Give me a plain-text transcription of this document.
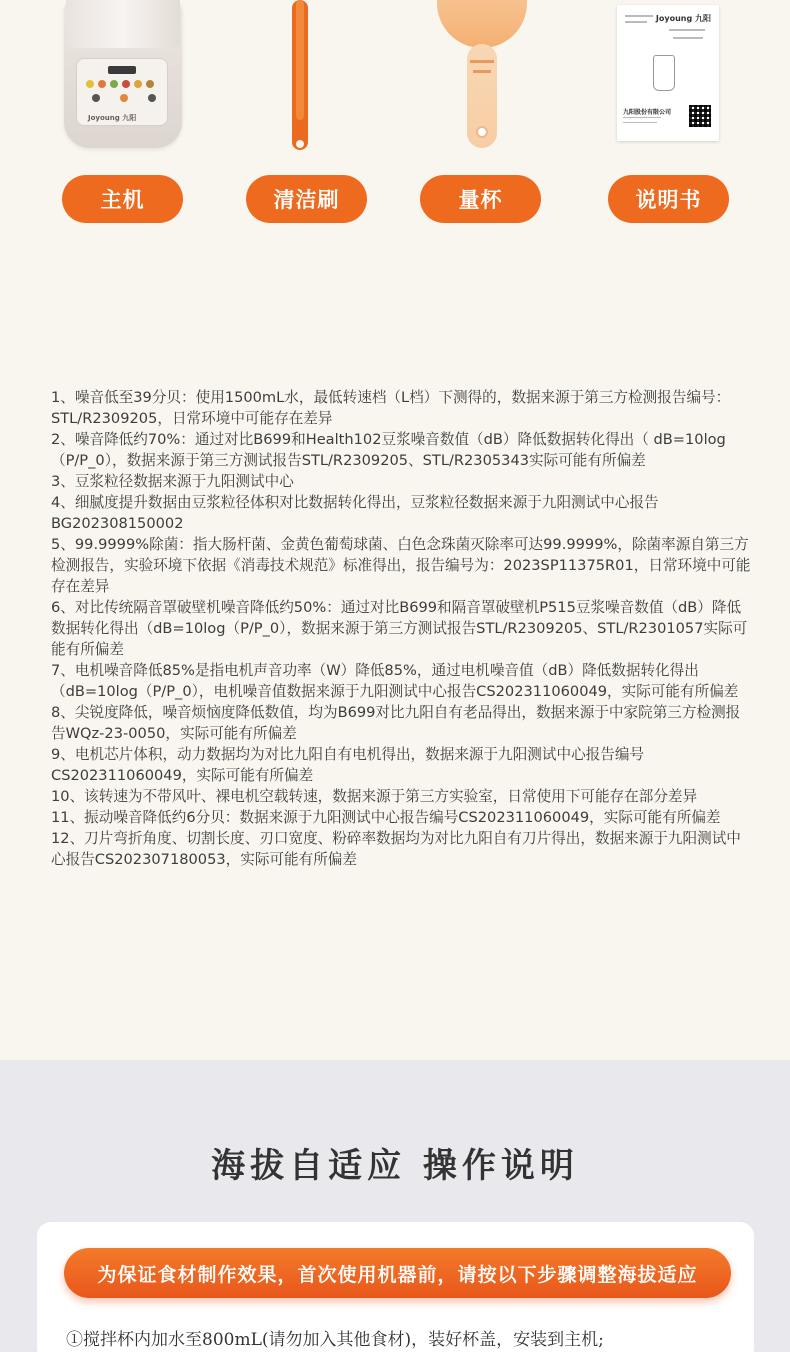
Joyoung 九阳
主机	清洁刷	量杯
Joyoung 九阳
九阳股份有限公司
说明书

1、噪音低至39分贝：使用1500mL水，最低转速档（L档）下测得的，数据来源于第三方检测报告编号：STL/R2309205，日常环境中可能存在差异

2、噪音降低约70%：通过对比B699和Health102豆浆噪音数值（dB）降低数据转化得出（ dB=10log（P/P_0），数据来源于第三方测试报告STL/R2309205、STL/R2305343实际可能有所偏差

3、豆浆粒径数据来源于九阳测试中心

4、细腻度提升数据由豆浆粒径体积对比数据转化得出，豆浆粒径数据来源于九阳测试中心报告BG202308150002

5、99.9999%除菌：指大肠杆菌、金黄色葡萄球菌、白色念珠菌灭除率可达99.9999%，除菌率源自第三方检测报告，实验环境下依据《消毒技术规范》标准得出，报告编号为：2023SP11375R01，日常环境中可能存在差异

6、对比传统隔音罩破壁机噪音降低约50%：通过对比B699和隔音罩破壁机P515豆浆噪音数值（dB）降低数据转化得出（dB=10log（P/P_0），数据来源于第三方测试报告STL/R2309205、STL/R2301057实际可能有所偏差

7、电机噪音降低85%是指电机声音功率（W）降低85%，通过电机噪音值（dB）降低数据转化得出（dB=10log（P/P_0），电机噪音值数据来源于九阳测试中心报告CS202311060049，实际可能有所偏差

8、尖锐度降低，噪音烦恼度降低数值，均为B699对比九阳自有老品得出，数据来源于中家院第三方检测报告WQz-23-0050，实际可能有所偏差

9、电机芯片体积，动力数据均为对比九阳自有电机得出，数据来源于九阳测试中心报告编号CS202311060049，实际可能有所偏差

10、该转速为不带风叶、裸电机空载转速，数据来源于第三方实验室，日常使用下可能存在部分差异

11、振动噪音降低约6分贝：数据来源于九阳测试中心报告编号CS202311060049，实际可能有所偏差

12、刀片弯折角度、切割长度、刃口宽度、粉碎率数据均为对比九阳自有刀片得出，数据来源于九阳测试中心报告CS202307180053，实际可能有所偏差

海拔自适应 操作说明
为保证食材制作效果，首次使用机器前，请按以下步骤调整海拔适应
①搅拌杯内加水至800mL(请勿加入其他食材)，装好杯盖，安装到主机;
